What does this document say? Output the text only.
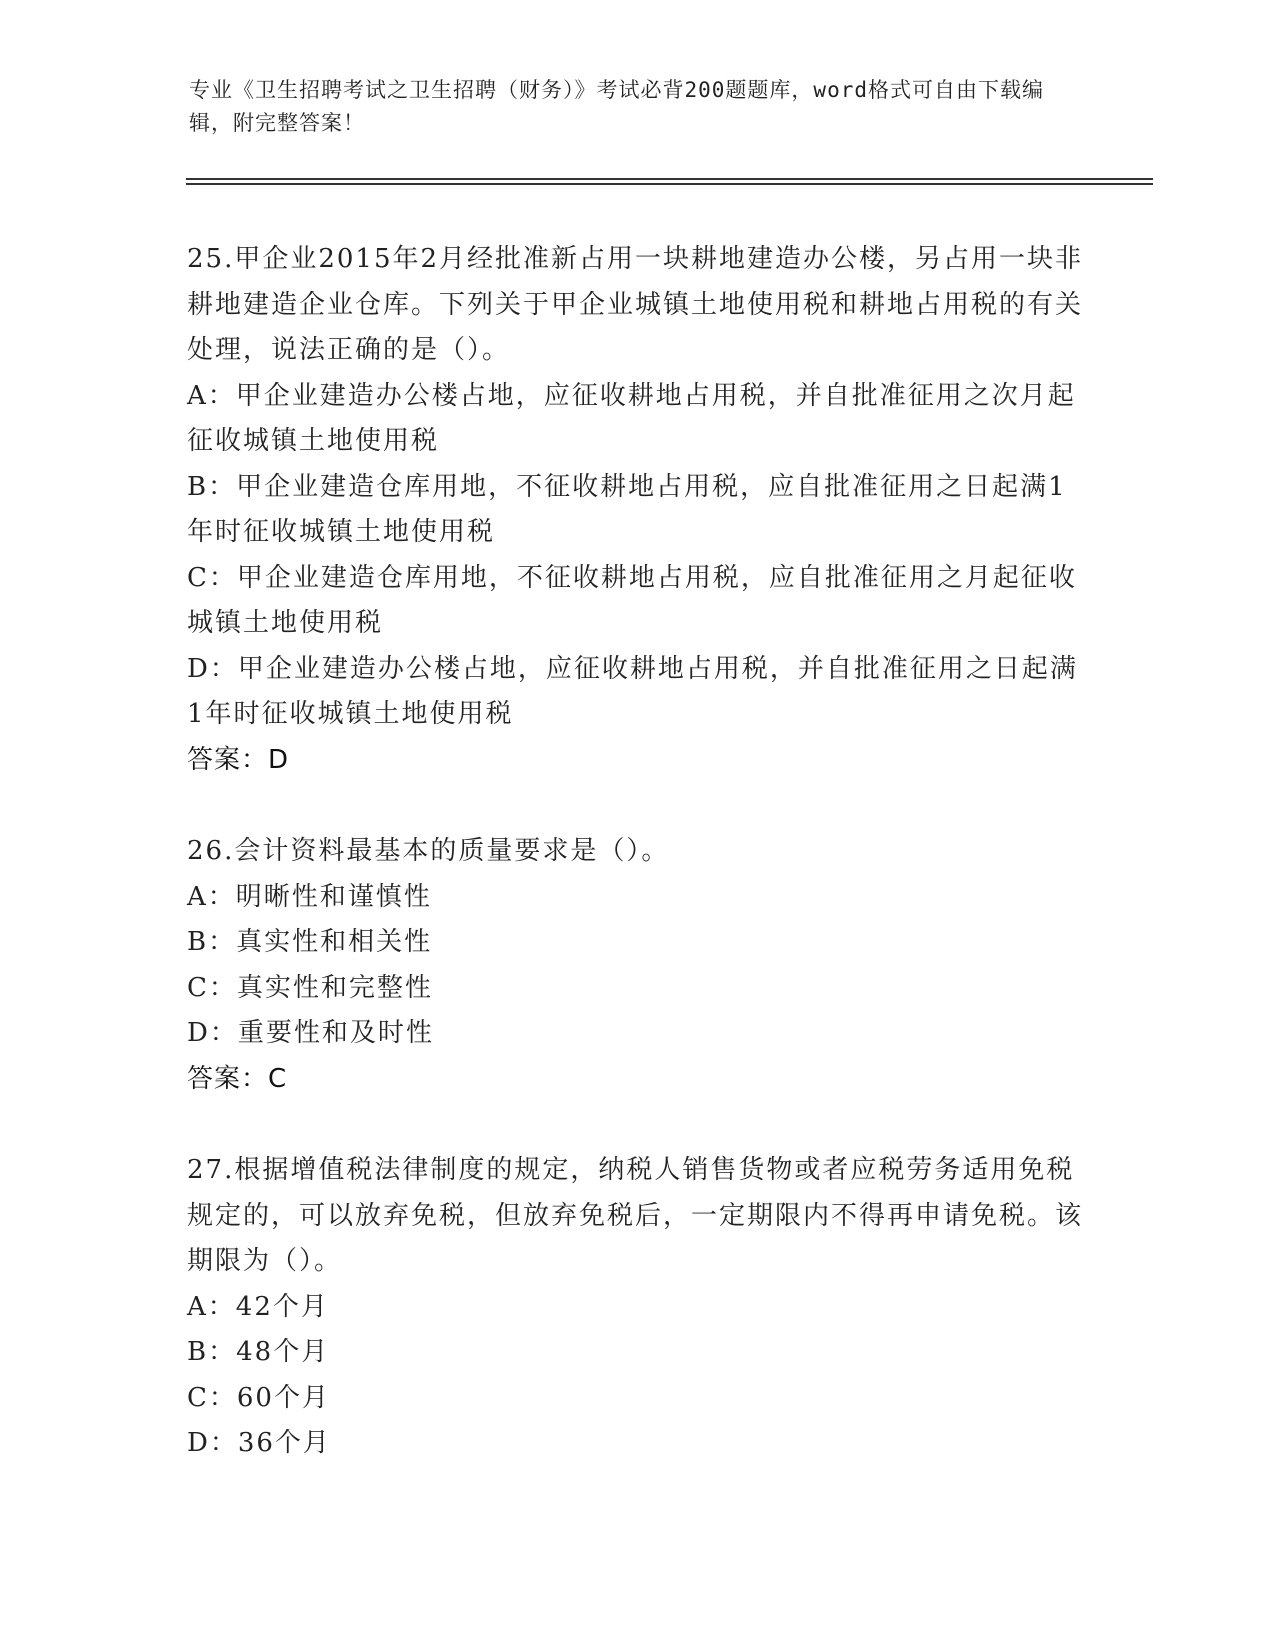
专业《卫生招聘考试之卫生招聘（财务）》考试必背200题题库，word格式可自由下载编辑，附完整答案！

25.甲企业2015年2月经批准新占用一块耕地建造办公楼，另占用一块非耕地建造企业仓库。下列关于甲企业城镇土地使用税和耕地占用税的有关处理，说法正确的是（）。

A：甲企业建造办公楼占地，应征收耕地占用税，并自批准征用之次月起征收城镇土地使用税

B：甲企业建造仓库用地，不征收耕地占用税，应自批准征用之日起满1年时征收城镇土地使用税

C：甲企业建造仓库用地，不征收耕地占用税，应自批准征用之月起征收城镇土地使用税

D：甲企业建造办公楼占地，应征收耕地占用税，并自批准征用之日起满1年时征收城镇土地使用税

答案：D

26.会计资料最基本的质量要求是（）。

A：明晰性和谨慎性

B：真实性和相关性

C：真实性和完整性

D：重要性和及时性

答案：C

27.根据增值税法律制度的规定，纳税人销售货物或者应税劳务适用免税规定的，可以放弃免税，但放弃免税后，一定期限内不得再申请免税。该期限为（）。

A：42个月

B：48个月

C：60个月

D：36个月
